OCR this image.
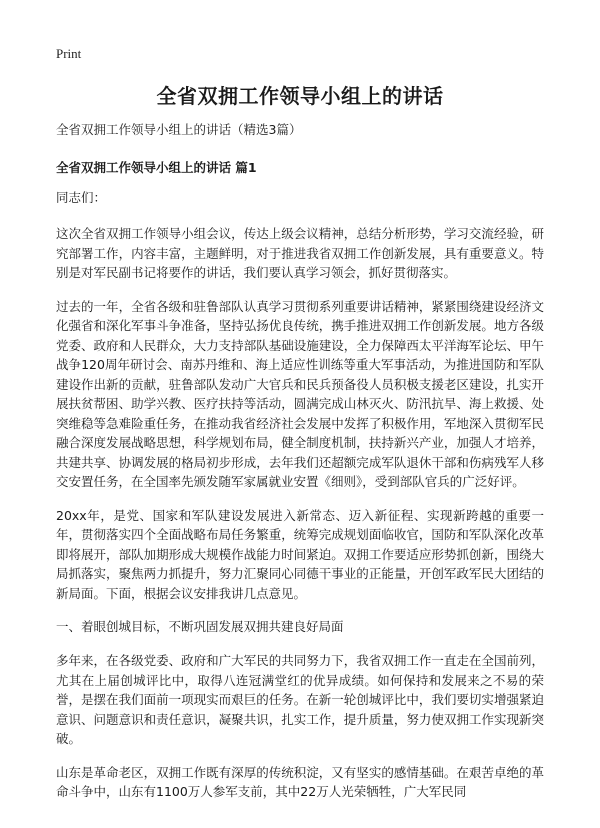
Print
全省双拥工作领导小组上的讲话
全省双拥工作领导小组上的讲话（精选3篇）
全省双拥工作领导小组上的讲话 篇1
同志们：

这次全省双拥工作领导小组会议，传达上级会议精神，总结分析形势，学习交流经验，研究部署工作，内容丰富，主题鲜明，对于推进我省双拥工作创新发展，具有重要意义。特别是对军民副书记将要作的讲话，我们要认真学习领会，抓好贯彻落实。

过去的一年，全省各级和驻鲁部队认真学习贯彻系列重要讲话精神，紧紧围绕建设经济文化强省和深化军事斗争准备，坚持弘扬优良传统，携手推进双拥工作创新发展。地方各级党委、政府和人民群众，大力支持部队基础设施建设，全力保障西太平洋海军论坛、甲午战争120周年研讨会、南苏丹维和、海上适应性训练等重大军事活动，为推进国防和军队建设作出新的贡献，驻鲁部队发动广大官兵和民兵预备役人员积极支援老区建设，扎实开展扶贫帮困、助学兴教、医疗扶持等活动，圆满完成山林灭火、防汛抗旱、海上救援、处突维稳等急难险重任务，在推动我省经济社会发展中发挥了积极作用，军地深入贯彻军民融合深度发展战略思想，科学规划布局，健全制度机制，扶持新兴产业，加强人才培养，共建共享、协调发展的格局初步形成，去年我们还超额完成军队退休干部和伤病残军人移交安置任务，在全国率先颁发随军家属就业安置《细则》，受到部队官兵的广泛好评。

20xx年，是党、国家和军队建设发展进入新常态、迈入新征程、实现新跨越的重要一年，贯彻落实四个全面战略布局任务繁重，统筹完成规划面临收官，国防和军队深化改革即将展开，部队加期形成大规模作战能力时间紧迫。双拥工作要适应形势抓创新，围绕大局抓落实，聚焦两力抓提升，努力汇聚同心同德干事业的正能量，开创军政军民大团结的新局面。下面，根据会议安排我讲几点意见。

一、着眼创城目标，不断巩固发展双拥共建良好局面

多年来，在各级党委、政府和广大军民的共同努力下，我省双拥工作一直走在全国前列，尤其在上届创城评比中，取得八连冠满堂红的优异成绩。如何保持和发展来之不易的荣誉，是摆在我们面前一项现实而艰巨的任务。在新一轮创城评比中，我们要切实增强紧迫意识、问题意识和责任意识，凝聚共识，扎实工作，提升质量，努力使双拥工作实现新突破。

山东是革命老区，双拥工作既有深厚的传统积淀，又有坚实的感情基础。在艰苦卓绝的革命斗争中，山东有1100万人参军支前，其中22万人光荣牺牲，广大军民同
